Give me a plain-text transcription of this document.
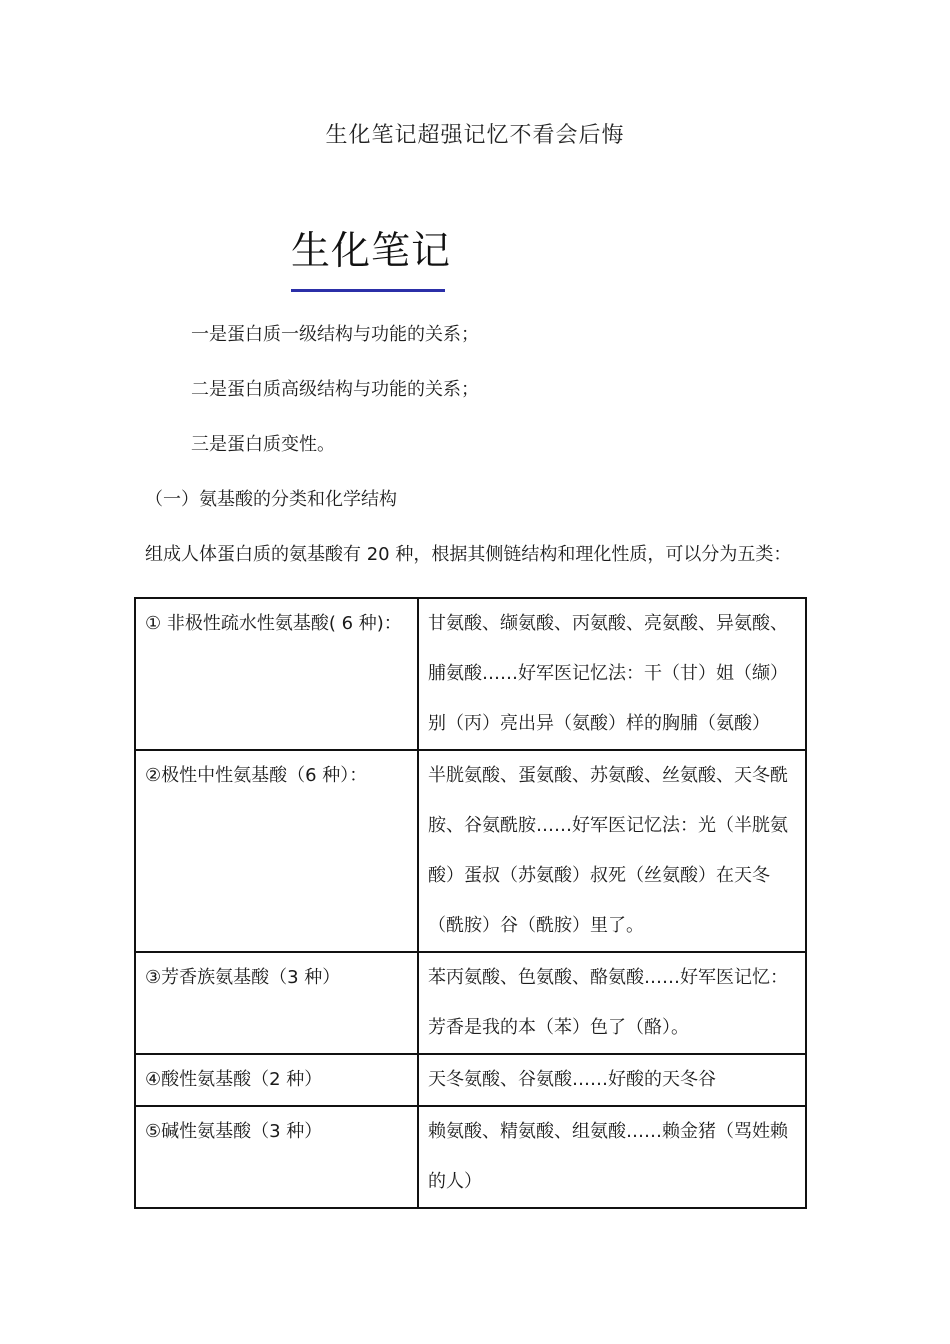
生化笔记超强记忆不看会后悔
生化笔记
一是蛋白质一级结构与功能的关系；
二是蛋白质高级结构与功能的关系；
三是蛋白质变性。
（一）氨基酸的分类和化学结构
组成人体蛋白质的氨基酸有 20 种，根据其侧链结构和理化性质，可以分为五类：
① 非极性疏水性氨基酸( 6 种)：	甘氨酸、缬氨酸、丙氨酸、亮氨酸、异氨酸、脯氨酸……好军医记忆法：干（甘）姐（缬）别（丙）亮出异（氨酸）样的胸脯（氨酸）
②极性中性氨基酸（6 种）：	半胱氨酸、蛋氨酸、苏氨酸、丝氨酸、天冬酰胺、谷氨酰胺……好军医记忆法：光（半胱氨酸）蛋叔（苏氨酸）叔死（丝氨酸）在天冬（酰胺）谷（酰胺）里了。
③芳香族氨基酸（3 种）	苯丙氨酸、色氨酸、酪氨酸……好军医记忆：芳香是我的本（苯）色了（酪）。
④酸性氨基酸（2 种）	天冬氨酸、谷氨酸……好酸的天冬谷
⑤碱性氨基酸（3 种）	赖氨酸、精氨酸、组氨酸……赖金猪（骂姓赖的人）
